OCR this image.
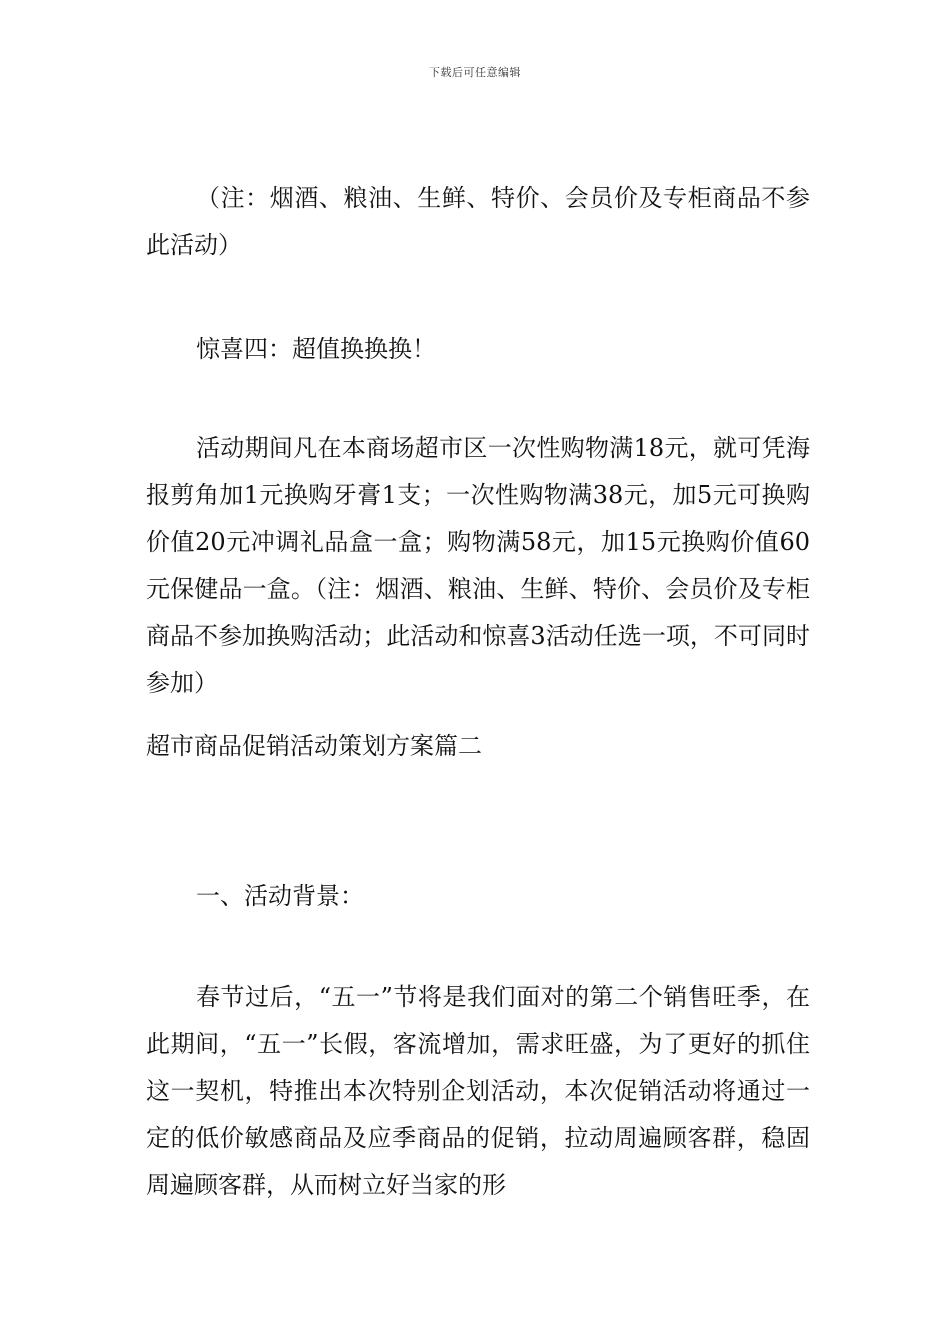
下载后可任意编辑

（注：烟酒、粮油、生鲜、特价、会员价及专柜商品不参此活动）

惊喜四：超值换换换！

活动期间凡在本商场超市区一次性购物满18元，就可凭海报剪角加1元换购牙膏1支；一次性购物满38元，加5元可换购价值20元冲调礼品盒一盒；购物满58元，加15元换购价值60元保健品一盒。（注：烟酒、粮油、生鲜、特价、会员价及专柜商品不参加换购活动；此活动和惊喜3活动任选一项，不可同时参加）

超市商品促销活动策划方案篇二

一、活动背景：

春节过后，“五一”节将是我们面对的第二个销售旺季，在此期间，“五一”长假，客流增加，需求旺盛，为了更好的抓住这一契机，特推出本次特别企划活动，本次促销活动将通过一定的低价敏感商品及应季商品的促销，拉动周遍顾客群，稳固周遍顾客群，从而树立好当家的形
